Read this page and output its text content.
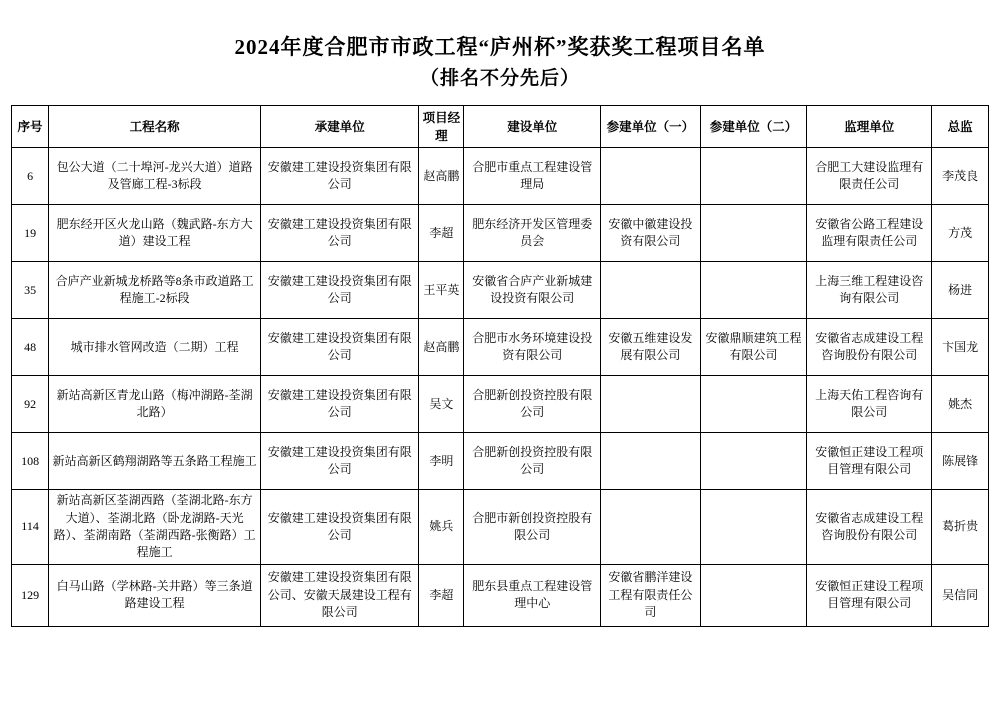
2024年度合肥市市政工程“庐州杯”奖获奖工程项目名单
（排名不分先后）
序号	工程名称	承建单位	项目经理	建设单位	参建单位（一）	参建单位（二）	监理单位	总监
6	包公大道（二十埠河-龙兴大道）道路及管廊工程-3标段	安徽建工建设投资集团有限公司	赵高鹏	合肥市重点工程建设管理局			合肥工大建设监理有限责任公司	李茂良
19	肥东经开区火龙山路（魏武路-东方大道）建设工程	安徽建工建设投资集团有限公司	李超	肥东经济开发区管理委员会	安徽中徽建设投资有限公司		安徽省公路工程建设监理有限责任公司	方茂
35	合庐产业新城龙桥路等8条市政道路工程施工-2标段	安徽建工建设投资集团有限公司	王平英	安徽省合庐产业新城建设投资有限公司			上海三维工程建设咨询有限公司	杨进
48	城市排水管网改造（二期）工程	安徽建工建设投资集团有限公司	赵高鹏	合肥市水务环境建设投资有限公司	安徽五维建设发展有限公司	安徽鼎顺建筑工程有限公司	安徽省志成建设工程咨询股份有限公司	卞国龙
92	新站高新区青龙山路（梅冲湖路-荃湖北路）	安徽建工建设投资集团有限公司	吴文	合肥新创投资控股有限公司			上海天佑工程咨询有限公司	姚杰
108	新站高新区鹤翔湖路等五条路工程施工	安徽建工建设投资集团有限公司	李明	合肥新创投资控股有限公司			安徽恒正建设工程项目管理有限公司	陈展锋
114	新站高新区荃湖西路（荃湖北路-东方大道）、荃湖北路（卧龙湖路-天光路）、荃湖南路（荃湖西路-张衡路）工程施工	安徽建工建设投资集团有限公司	姚兵	合肥市新创投资控股有限公司			安徽省志成建设工程咨询股份有限公司	葛折贵
129	白马山路（学林路-关井路）等三条道路建设工程	安徽建工建设投资集团有限公司、安徽天晟建设工程有限公司	李超	肥东县重点工程建设管理中心	安徽省鹏洋建设工程有限责任公司		安徽恒正建设工程项目管理有限公司	吴信同
